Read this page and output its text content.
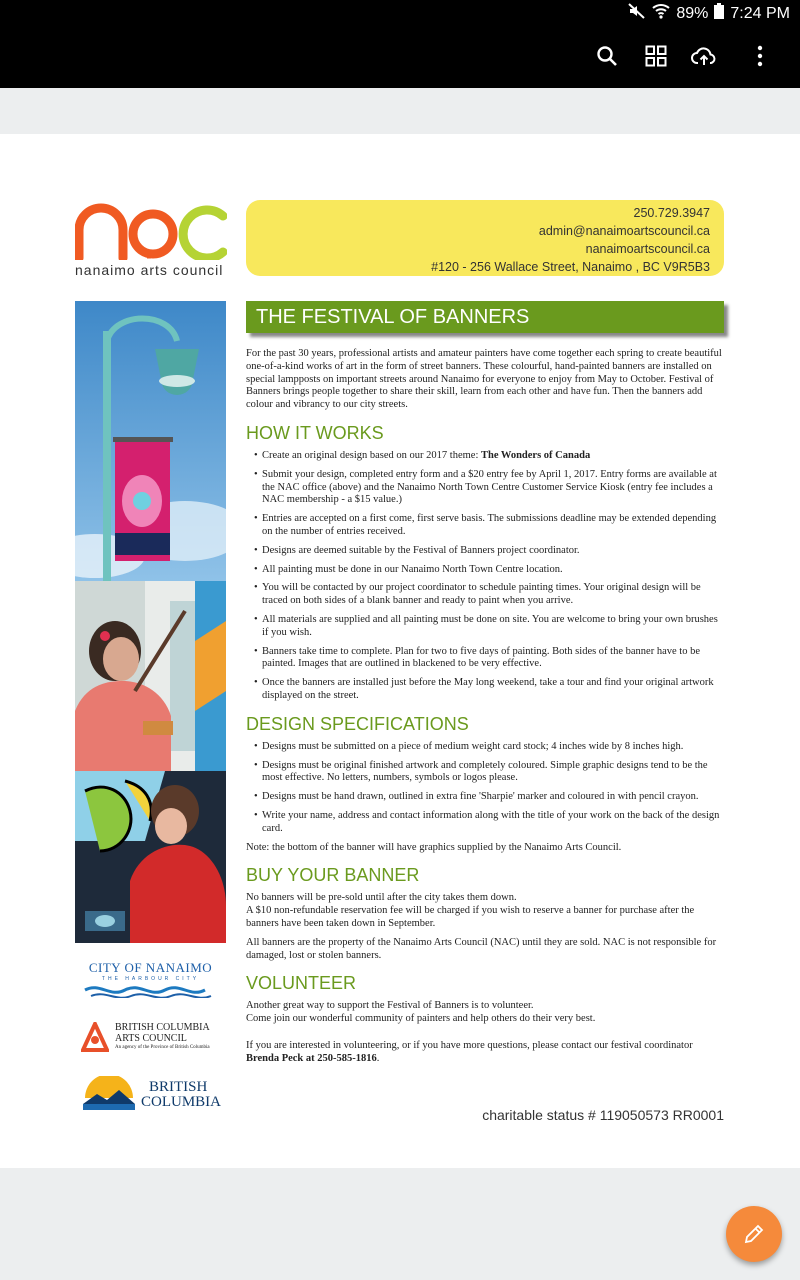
89% 7:24 PM
nanaimo arts council
250.729.3947
admin@nanaimoartscouncil.ca
nanaimoartscouncil.ca
#120 - 256 Wallace Street, Nanaimo , BC V9R5B3
THE FESTIVAL OF BANNERS

For the past 30 years, professional artists and amateur painters have come together each spring to create beautiful one-of-a-kind works of art in the form of street banners. These colourful, hand-painted banners are installed on special lampposts on important streets around Nanaimo for everyone to enjoy from May to October. Festival of Banners brings people together to share their skill, learn from each other and have fun. Then the banners add colour and vibrancy to our city streets.

HOW IT WORKS
• Create an original design based on our 2017 theme: The Wonders of Canada
• Submit your design, completed entry form and a $20 entry fee by April 1, 2017. Entry forms are available at the NAC office (above) and the Nanaimo North Town Centre Customer Service Kiosk (entry fee includes a NAC membership - a $15 value.)
• Entries are accepted on a first come, first serve basis. The submissions deadline may be extended depending on the number of entries received.
• Designs are deemed suitable by the Festival of Banners project coordinator.
• All painting must be done in our Nanaimo North Town Centre location.
• You will be contacted by our project coordinator to schedule painting times. Your original design will be traced on both sides of a blank banner and ready to paint when you arrive.
• All materials are supplied and all painting must be done on site. You are welcome to bring your own brushes if you wish.
• Banners take time to complete. Plan for two to five days of painting. Both sides of the banner have to be painted. Images that are outlined in blackened to be very effective.
• Once the banners are installed just before the May long weekend, take a tour and find your original artwork displayed on the street.
DESIGN SPECIFICATIONS
• Designs must be submitted on a piece of medium weight card stock; 4 inches wide by 8 inches high.
• Designs must be original finished artwork and completely coloured. Simple graphic designs tend to be the most effective. No letters, numbers, symbols or logos please.
• Designs must be hand drawn, outlined in extra fine 'Sharpie' marker and coloured in with pencil crayon.
• Write your name, address and contact information along with the title of your work on the back of the design card.

Note: the bottom of the banner will have graphics supplied by the Nanaimo Arts Council.

BUY YOUR BANNER

No banners will be pre-sold until after the city takes them down.

A $10 non-refundable reservation fee will be charged if you wish to reserve a banner for purchase after the banners have been taken down in September.

All banners are the property of the Nanaimo Arts Council (NAC) until they are sold. NAC is not responsible for damaged, lost or stolen banners.

VOLUNTEER

Another great way to support the Festival of Banners is to volunteer.

Come join our wonderful community of painters and help others do their very best.

If you are interested in volunteering, or if you have more questions, please contact our festival coordinator Brenda Peck at 250-585-1816.

charitable status # 119050573 RR0001
CITY OF NANAIMO
THE HARBOUR CITY
BRITISH COLUMBIA
ARTS COUNCIL
An agency of the Province of British Columbia
BRITISH
COLUMBIA
